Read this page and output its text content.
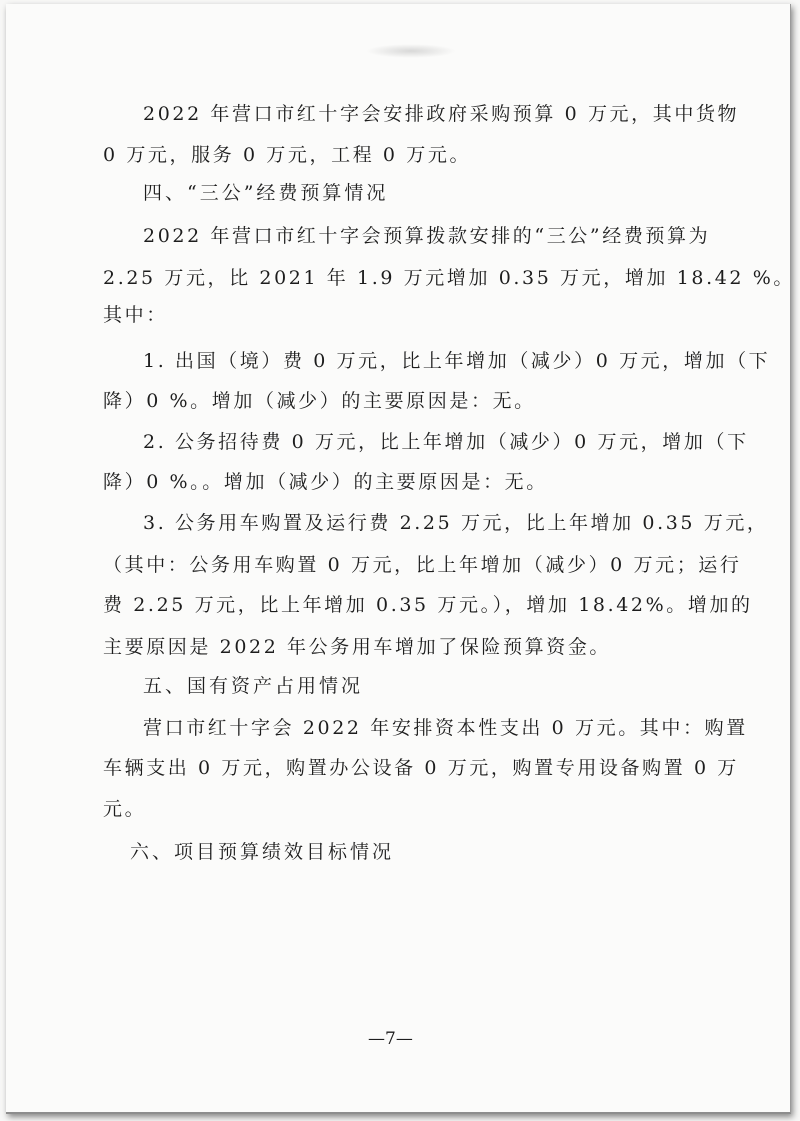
2022 年营口市红十字会安排政府采购预算 0 万元，其中货物
0 万元，服务 0 万元，工程 0 万元。
四、“三公”经费预算情况
2022 年营口市红十字会预算拨款安排的“三公”经费预算为
2.25 万元，比 2021 年 1.9 万元增加 0.35 万元，增加 18.42 %。
其中：
1. 出国（境）费 0 万元，比上年增加（减少）0 万元，增加（下
降）0 %。增加（减少）的主要原因是：无。
2. 公务招待费 0 万元，比上年增加（减少）0 万元，增加（下
降）0 %。。增加（减少）的主要原因是：无。
3. 公务用车购置及运行费 2.25 万元，比上年增加 0.35 万元，
（其中：公务用车购置 0 万元，比上年增加（减少）0 万元；运行
费 2.25 万元，比上年增加 0.35 万元。），增加 18.42%。增加的
主要原因是 2022 年公务用车增加了保险预算资金。
五、国有资产占用情况
营口市红十字会 2022 年安排资本性支出 0 万元。其中：购置
车辆支出 0 万元，购置办公设备 0 万元，购置专用设备购置 0 万
元。
六、项目预算绩效目标情况
—7—
